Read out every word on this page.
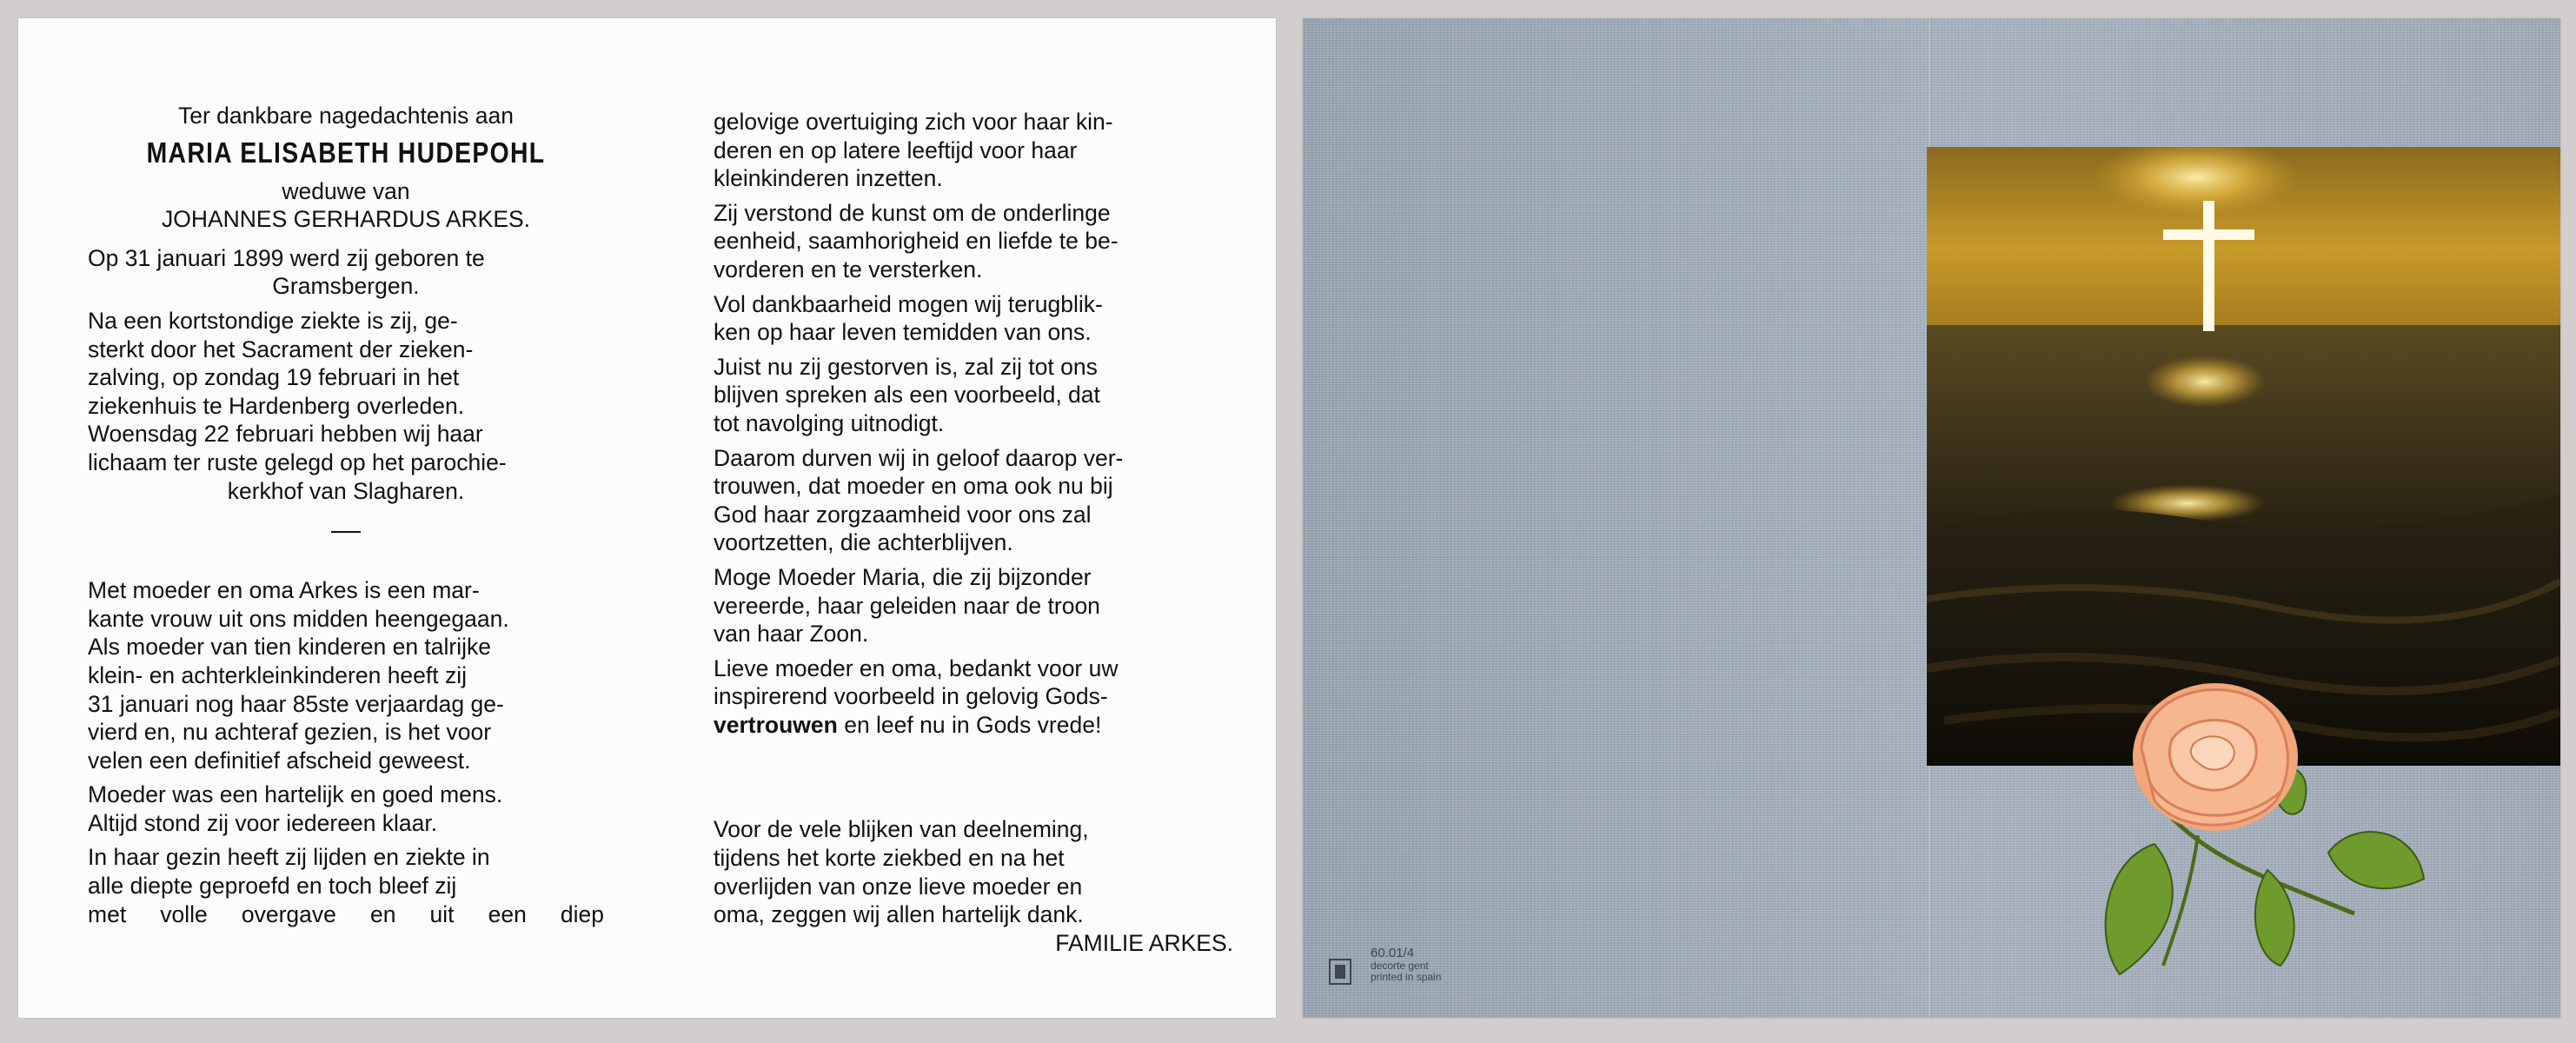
Ter dankbare nagedachtenis aan

MARIA ELISABETH HUDEPOHL

weduwe van

JOHANNES GERHARDUS ARKES.

Op 31 januari 1899 werd zij geboren te

Gramsbergen.

Na een kortstondige ziekte is zij, ge-

sterkt door het Sacrament der zieken-

zalving, op zondag 19 februari in het

ziekenhuis te Hardenberg overleden.

Woensdag 22 februari hebben wij haar

lichaam ter ruste gelegd op het parochie-

kerkhof van Slagharen.

Met moeder en oma Arkes is een mar-

kante vrouw uit ons midden heengegaan.

Als moeder van tien kinderen en talrijke

klein- en achterkleinkinderen heeft zij

31 januari nog haar 85ste verjaardag ge-

vierd en, nu achteraf gezien, is het voor

velen een definitief afscheid geweest.

Moeder was een hartelijk en goed mens.

Altijd stond zij voor iedereen klaar.

In haar gezin heeft zij lijden en ziekte in

alle diepte geproefd en toch bleef zij

met volle overgave en uit een diep

gelovige overtuiging zich voor haar kin-

deren en op latere leeftijd voor haar

kleinkinderen inzetten.

Zij verstond de kunst om de onderlinge

eenheid, saamhorigheid en liefde te be-

vorderen en te versterken.

Vol dankbaarheid mogen wij terugblik-

ken op haar leven temidden van ons.

Juist nu zij gestorven is, zal zij tot ons

blijven spreken als een voorbeeld, dat

tot navolging uitnodigt.

Daarom durven wij in geloof daarop ver-

trouwen, dat moeder en oma ook nu bij

God haar zorgzaamheid voor ons zal

voortzetten, die achterblijven.

Moge Moeder Maria, die zij bijzonder

vereerde, haar geleiden naar de troon

van haar Zoon.

Lieve moeder en oma, bedankt voor uw

inspirerend voorbeeld in gelovig Gods-

vertrouwen en leef nu in Gods vrede!

Voor de vele blijken van deelneming,

tijdens het korte ziekbed en na het

overlijden van onze lieve moeder en

oma, zeggen wij allen hartelijk dank.

FAMILIE ARKES.	60.01/4
decorte gent
printed in spain
